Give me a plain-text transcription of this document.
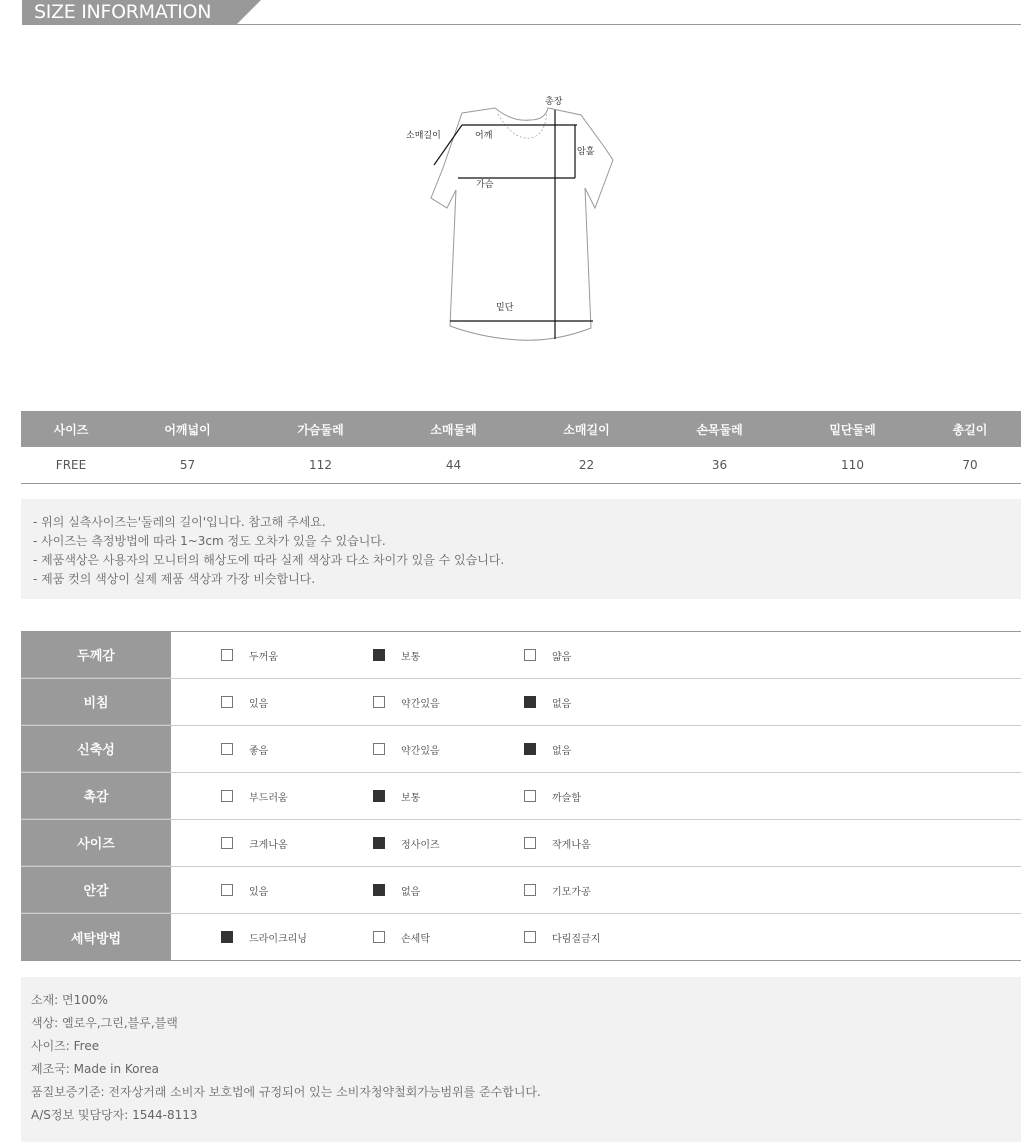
SIZE INFORMATION
총장
소매길이	어깨
암홀
가슴
밑단
사이즈	어깨넓이	가슴둘레	소매둘레	소매길이	손목둘레	밑단둘레	총길이
FREE	57	112	44	22	36	110	70
- 위의 실측사이즈는'둘레의 길이'입니다. 참고해 주세요.
- 사이즈는 측정방법에 따라 1~3cm 정도 오차가 있을 수 있습니다.
- 제품색상은 사용자의 모니터의 해상도에 따라 실제 색상과 다소 차이가 있을 수 있습니다.
- 제품 컷의 색상이 실제 제품 색상과 가장 비슷합니다.
두께감	두꺼움	보통	얇음
비침	있음	약간있음	없음
신축성	좋음	약간있음	없음
촉감	부드러움	보통	까슬함
사이즈	크게나옴	정사이즈	작게나옴
안감	있음	없음	기모가공
세탁방법	드라이크리닝	손세탁	다림질금지
소재: 면100%
색상: 옐로우,그린,블루,블랙
사이즈: Free
제조국: Made in Korea
품질보증기준: 전자상거래 소비자 보호법에 규정되어 있는 소비자청약철회가능범위를 준수합니다.
A/S정보 및담당자: 1544-8113
